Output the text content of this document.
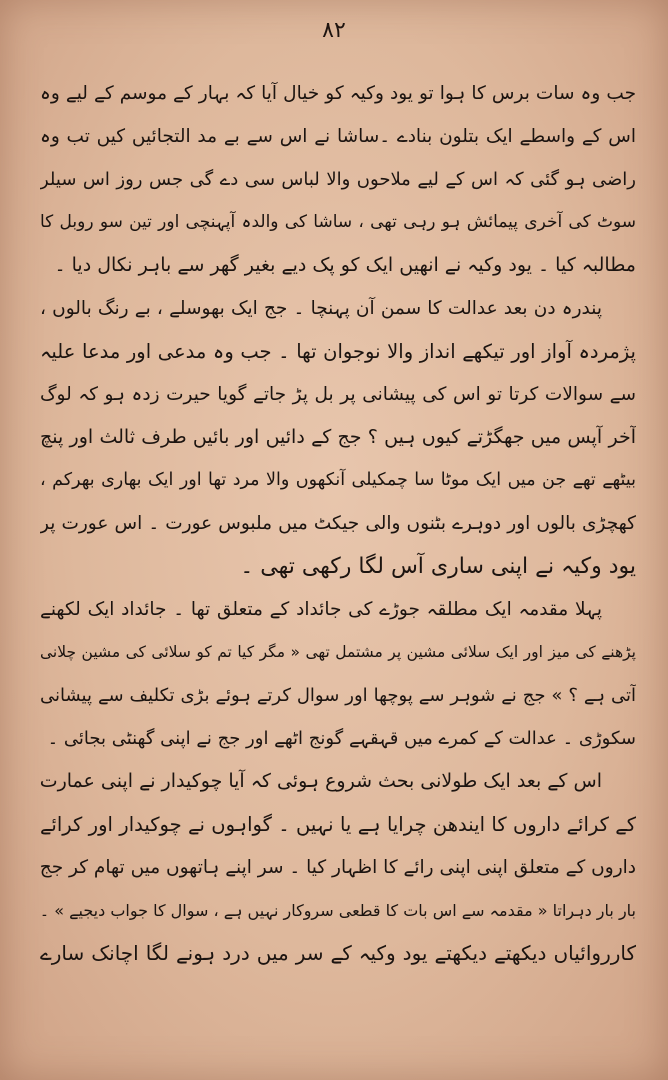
۸۲
جب وہ سات برس کا ہوا تو یود وکیہ کو خیال آیا کہ بہار کے موسم کے لیے وہ
اس کے واسطے ایک بتلون بنادے ۔ساشا نے اس سے بے مد التجائیں کیں تب وہ
راضی ہو گئی کہ اس کے لیے ملاحوں والا لباس سی دے گی جس روز اس سیلر
سوٹ کی آخری پیمائش ہو رہی تھی ، ساشا کی والدہ آپہنچی اور تین سو روبل کا
مطالبہ کیا ۔ یود وکیہ نے انھیں ایک کو پک دیے بغیر گھر سے باہر نکال دیا ۔
پندرہ دن بعد عدالت کا سمن آن پہنچا ۔ جج ایک بھوسلے ، بے رنگ بالوں ،
پژمردہ آواز اور تیکھے انداز والا نوجوان تھا ۔ جب وہ مدعی اور مدعا علیہ
سے سوالات کرتا تو اس کی پیشانی پر بل پڑ جاتے گویا حیرت زدہ ہو کہ لوگ
آخر آپس میں جھگڑتے کیوں ہیں ؟ جج کے دائیں اور بائیں طرف ثالث اور پنچ
بیٹھے تھے جن میں ایک موٹا سا چمکیلی آنکھوں والا مرد تھا اور ایک بھاری بھرکم ،
کھچڑی بالوں اور دوہرے بٹنوں والی جیکٹ میں ملبوس عورت ۔ اس عورت پر
یود وکیہ نے اپنی ساری آس لگا رکھی تھی ۔
پہلا مقدمہ ایک مطلقہ جوڑے کی جائداد کے متعلق تھا ۔ جائداد ایک لکھنے
پڑھنے کی میز اور ایک سلائی مشین پر مشتمل تھی « مگر کیا تم کو سلائی کی مشین چلانی
آتی ہے ؟ » جج نے شوہر سے پوچھا اور سوال کرتے ہوئے بڑی تکلیف سے پیشانی
سکوڑی ۔ عدالت کے کمرے میں قہقہے گونج اٹھے اور جج نے اپنی گھنٹی بجائی ۔
اس کے بعد ایک طولانی بحث شروع ہوئی کہ آیا چوکیدار نے اپنی عمارت
کے کرائے داروں کا ایندھن چرایا ہے یا نہیں ۔ گواہوں نے چوکیدار اور کرائے
داروں کے متعلق اپنی اپنی رائے کا اظہار کیا ۔ سر اپنے ہاتھوں میں تھام کر جج
بار بار دہراتا « مقدمہ سے اس بات کا قطعی سروکار نہیں ہے ، سوال کا جواب دیجیے » ۔
کارروائیاں دیکھتے دیکھتے یود وکیہ کے سر میں درد ہونے لگا اچانک سارے
